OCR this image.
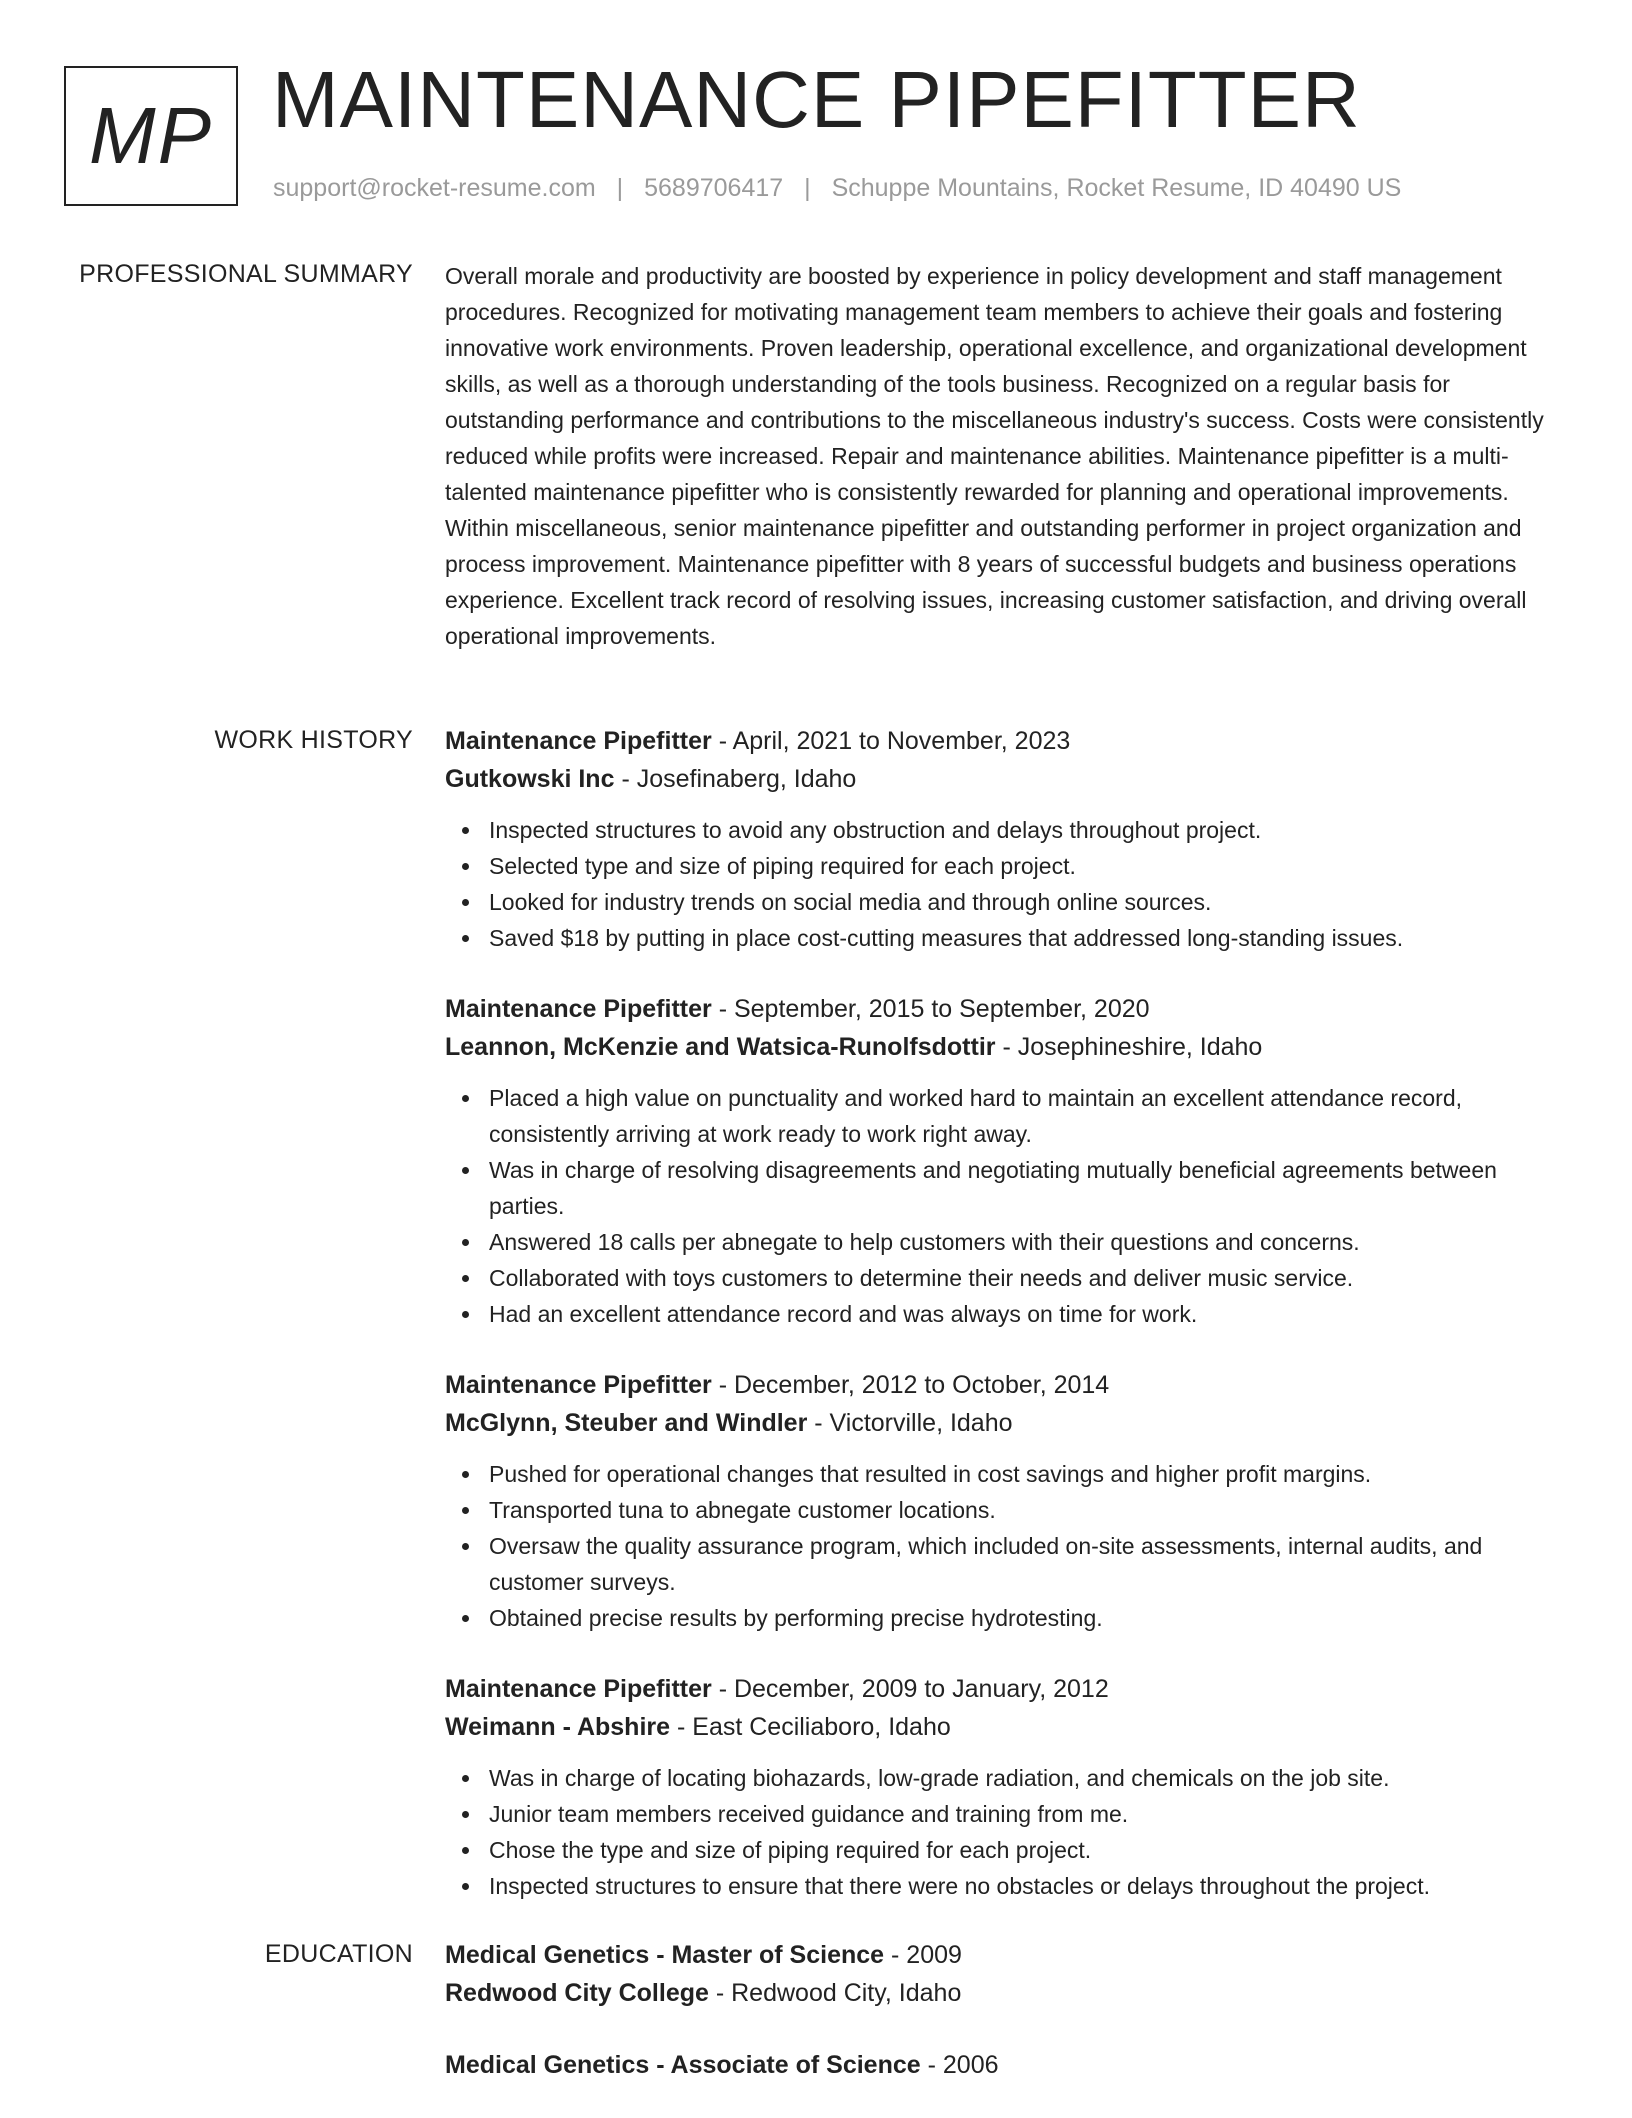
MP MAINTENANCE PIPEFITTER
support@rocket-resume.com | 5689706417 | Schuppe Mountains, Rocket Resume, ID 40490 US
PROFESSIONAL SUMMARY Overall morale and productivity are boosted by experience in policy development and staff management procedures. Recognized for motivating management team members to achieve their goals and fostering innovative work environments. Proven leadership, operational excellence, and organizational development skills, as well as a thorough understanding of the tools business. Recognized on a regular basis for outstanding performance and contributions to the miscellaneous industry's success. Costs were consistently reduced while profits were increased. Repair and maintenance abilities. Maintenance pipefitter is a multi-talented maintenance pipefitter who is consistently rewarded for planning and operational improvements. Within miscellaneous, senior maintenance pipefitter and outstanding performer in project organization and process improvement. Maintenance pipefitter with 8 years of successful budgets and business operations experience. Excellent track record of resolving issues, increasing customer satisfaction, and driving overall operational improvements.

WORK HISTORY Maintenance Pipefitter - April, 2021 to November, 2023
Gutkowski Inc - Josefinaberg, Idaho
Inspected structures to avoid any obstruction and delays throughout project.
Selected type and size of piping required for each project.
Looked for industry trends on social media and through online sources.
Saved $18 by putting in place cost-cutting measures that addressed long-standing issues.
Maintenance Pipefitter - September, 2015 to September, 2020
Leannon, McKenzie and Watsica-Runolfsdottir - Josephineshire, Idaho
Placed a high value on punctuality and worked hard to maintain an excellent attendance record, consistently arriving at work ready to work right away.
Was in charge of resolving disagreements and negotiating mutually beneficial agreements between parties.
Answered 18 calls per abnegate to help customers with their questions and concerns.
Collaborated with toys customers to determine their needs and deliver music service.
Had an excellent attendance record and was always on time for work.
Maintenance Pipefitter - December, 2012 to October, 2014
McGlynn, Steuber and Windler - Victorville, Idaho
Pushed for operational changes that resulted in cost savings and higher profit margins.
Transported tuna to abnegate customer locations.
Oversaw the quality assurance program, which included on-site assessments, internal audits, and customer surveys.
Obtained precise results by performing precise hydrotesting.
Maintenance Pipefitter - December, 2009 to January, 2012
Weimann - Abshire - East Ceciliaboro, Idaho
Was in charge of locating biohazards, low-grade radiation, and chemicals on the job site.
Junior team members received guidance and training from me.
Chose the type and size of piping required for each project.
Inspected structures to ensure that there were no obstacles or delays throughout the project.
EDUCATION Medical Genetics - Master of Science - 2009
Redwood City College - Redwood City, Idaho
Medical Genetics - Associate of Science - 2006
